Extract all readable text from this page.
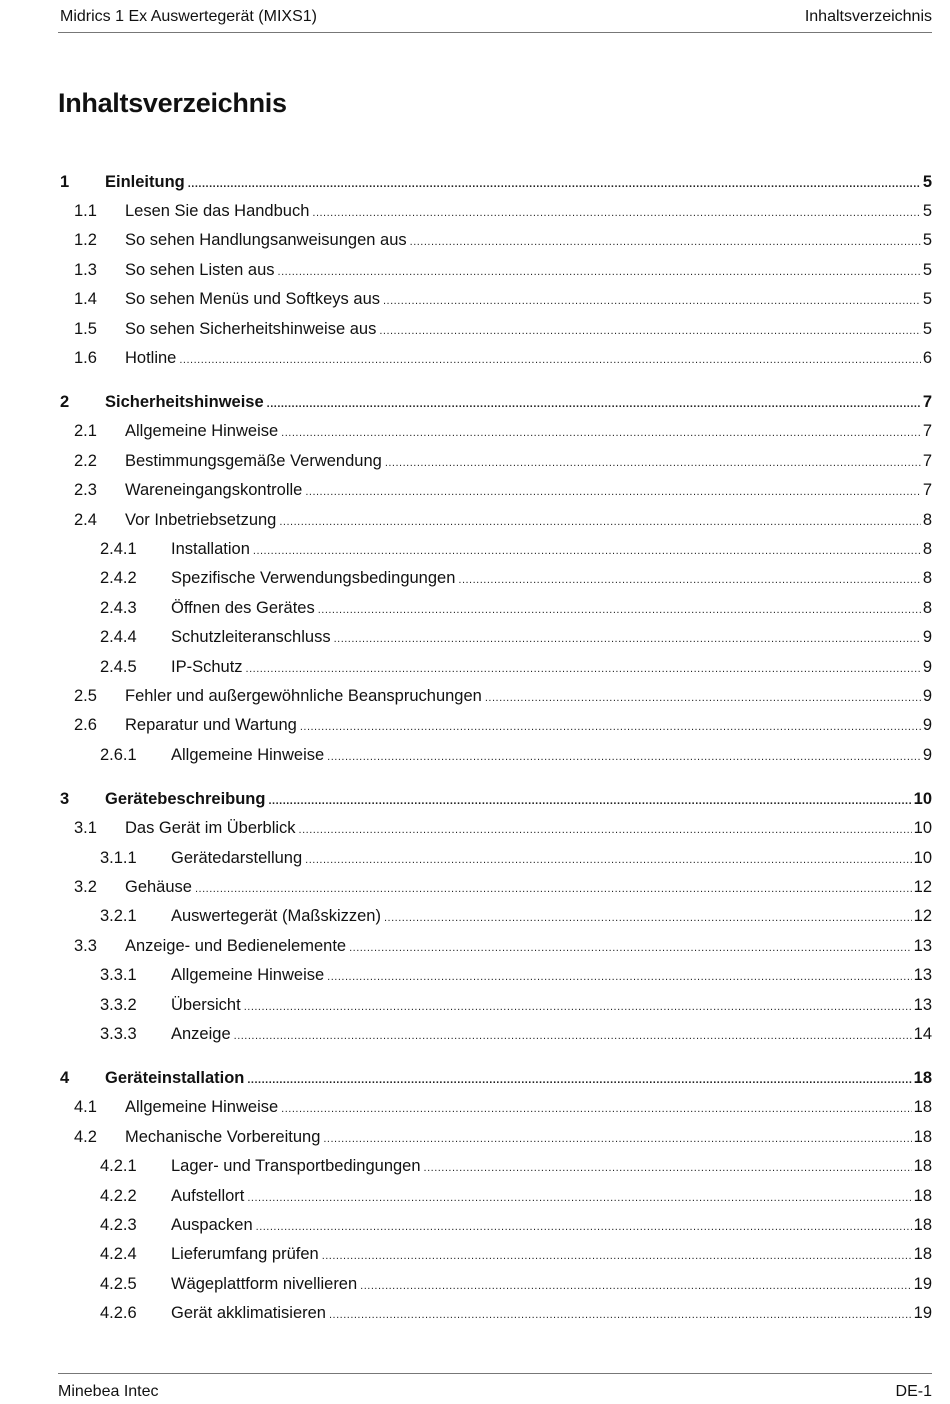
Midrics 1 Ex Auswertegerät (MIXS1)	Inhaltsverzeichnis
Inhaltsverzeichnis
1 Einleitung .....	5
1.1 Lesen Sie das Handbuch .....	5
1.2 So sehen Handlungsanweisungen aus .....	5
1.3 So sehen Listen aus .....	5
1.4 So sehen Menüs und Softkeys aus .....	5
1.5 So sehen Sicherheitshinweise aus .....	5
1.6 Hotline .....	6
2 Sicherheitshinweise .....	7
2.1 Allgemeine Hinweise .....	7
2.2 Bestimmungsgemäße Verwendung .....	7
2.3 Wareneingangskontrolle .....	7
2.4 Vor Inbetriebsetzung .....	8
2.4.1 Installation .....	8
2.4.2 Spezifische Verwendungsbedingungen .....	8
2.4.3 Öffnen des Gerätes .....	8
2.4.4 Schutzleiteranschluss .....	9
2.4.5 IP-Schutz .....	9
2.5 Fehler und außergewöhnliche Beanspruchungen .....	9
2.6 Reparatur und Wartung .....	9
2.6.1 Allgemeine Hinweise .....	9
3 Gerätebeschreibung .....	10
3.1 Das Gerät im Überblick .....	10
3.1.1 Gerätedarstellung .....	10
3.2 Gehäuse .....	12
3.2.1 Auswertegerät (Maßskizzen) .....	12
3.3 Anzeige- und Bedienelemente .....	13
3.3.1 Allgemeine Hinweise .....	13
3.3.2 Übersicht .....	13
3.3.3 Anzeige .....	14
4 Geräteinstallation .....	18
4.1 Allgemeine Hinweise .....	18
4.2 Mechanische Vorbereitung .....	18
4.2.1 Lager- und Transportbedingungen .....	18
4.2.2 Aufstellort .....	18
4.2.3 Auspacken .....	18
4.2.4 Lieferumfang prüfen .....	18
4.2.5 Wägeplattform nivellieren .....	19
4.2.6 Gerät akklimatisieren .....	19
Minebea Intec	DE-1
